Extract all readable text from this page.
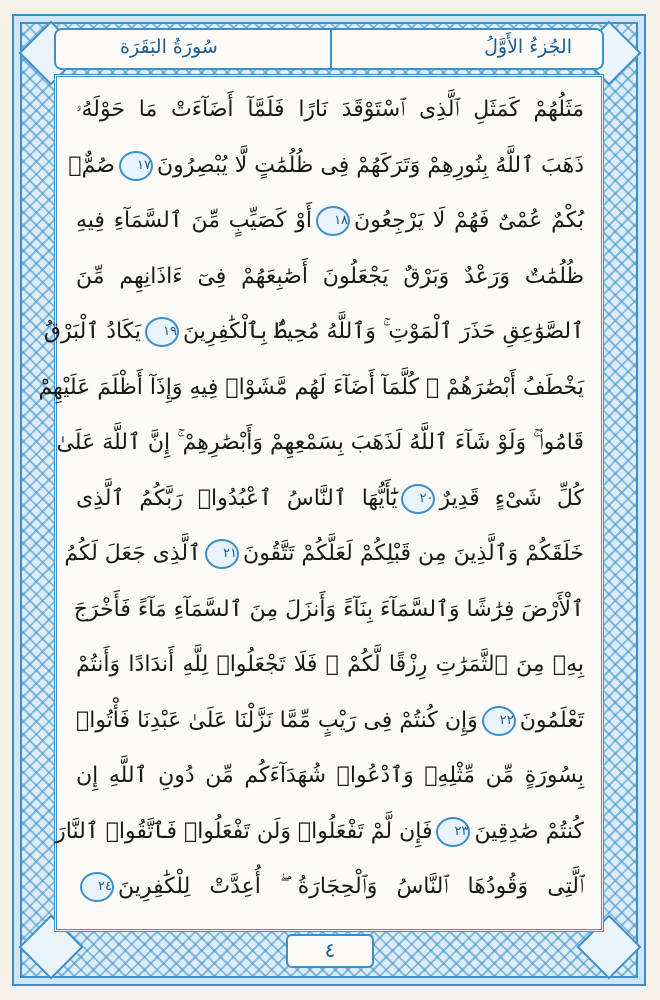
الجُزءُ الأَوَّلُ
سُورَةُ البَقَرَة
مَثَلُهُمْ كَمَثَلِ ٱلَّذِى ٱسْتَوْقَدَ نَارًا فَلَمَّآ أَضَآءَتْ مَا حَوْلَهُۥ
ذَهَبَ ٱللَّهُ بِنُورِهِمْ وَتَرَكَهُمْ فِى ظُلُمَٰتٍ لَّا يُبْصِرُونَ١٧صُمٌّۢ
بُكْمٌ عُمْىٌ فَهُمْ لَا يَرْجِعُونَ١٨أَوْ كَصَيِّبٍ مِّنَ ٱلسَّمَآءِ فِيهِ
ظُلُمَٰتٌ وَرَعْدٌ وَبَرْقٌ يَجْعَلُونَ أَصَٰبِعَهُمْ فِىٓ ءَاذَانِهِم مِّنَ
ٱلصَّوَٰعِقِ حَذَرَ ٱلْمَوْتِ ۚ وَٱللَّهُ مُحِيطٌۢ بِٱلْكَٰفِرِينَ١٩يَكَادُ ٱلْبَرْقُ
يَخْطَفُ أَبْصَٰرَهُمْ ۖ كُلَّمَآ أَضَآءَ لَهُم مَّشَوْا۟ فِيهِ وَإِذَآ أَظْلَمَ عَلَيْهِمْ
قَامُوا۟ ۚ وَلَوْ شَآءَ ٱللَّهُ لَذَهَبَ بِسَمْعِهِمْ وَأَبْصَٰرِهِمْ ۚ إِنَّ ٱللَّهَ عَلَىٰ
كُلِّ شَىْءٍ قَدِيرٌ٢٠يَٰٓأَيُّهَا ٱلنَّاسُ ٱعْبُدُوا۟ رَبَّكُمُ ٱلَّذِى
خَلَقَكُمْ وَٱلَّذِينَ مِن قَبْلِكُمْ لَعَلَّكُمْ تَتَّقُونَ٢١ٱلَّذِى جَعَلَ لَكُمُ
ٱلْأَرْضَ فِرَٰشًا وَٱلسَّمَآءَ بِنَآءً وَأَنزَلَ مِنَ ٱلسَّمَآءِ مَآءً فَأَخْرَجَ
بِهِۦ مِنَ ٱلثَّمَرَٰتِ رِزْقًا لَّكُمْ ۖ فَلَا تَجْعَلُوا۟ لِلَّهِ أَندَادًا وَأَنتُمْ
تَعْلَمُونَ٢٢وَإِن كُنتُمْ فِى رَيْبٍ مِّمَّا نَزَّلْنَا عَلَىٰ عَبْدِنَا فَأْتُوا۟
بِسُورَةٍ مِّن مِّثْلِهِۦ وَٱدْعُوا۟ شُهَدَآءَكُم مِّن دُونِ ٱللَّهِ إِن
كُنتُمْ صَٰدِقِينَ٢٣فَإِن لَّمْ تَفْعَلُوا۟ وَلَن تَفْعَلُوا۟ فَٱتَّقُوا۟ ٱلنَّارَ
ٱلَّتِى وَقُودُهَا ٱلنَّاسُ وَٱلْحِجَارَةُ ۖ أُعِدَّتْ لِلْكَٰفِرِينَ٢٤
٤
